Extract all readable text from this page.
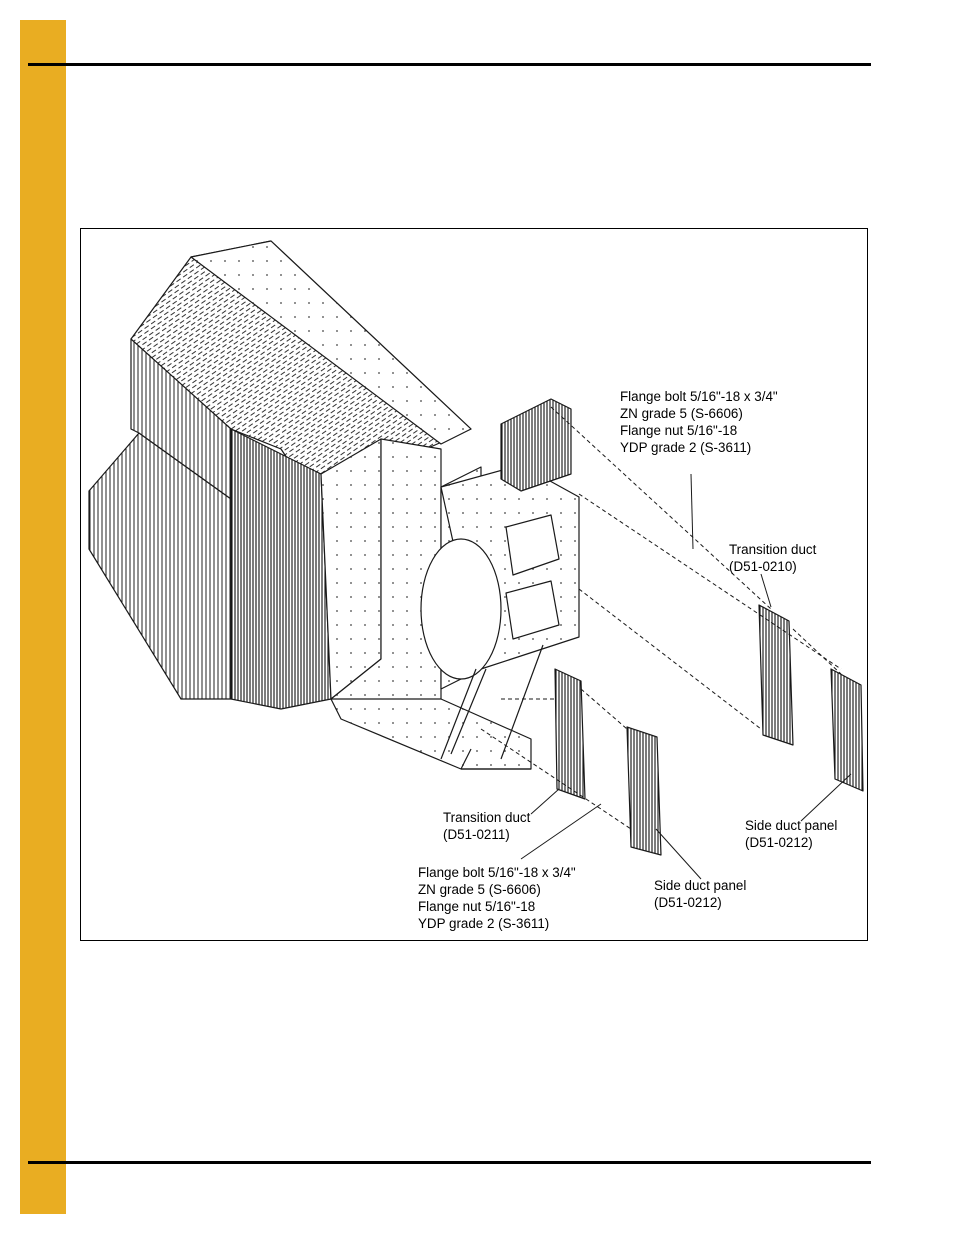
Flange bolt 5/16"-18 x 3/4"
ZN grade 5 (S-6606)
Flange nut 5/16"-18
YDP grade 2 (S-3611)

Transition duct
(D51-0210)

Transition duct
(D51-0211)

Side duct panel
(D51-0212)

Flange bolt 5/16"-18 x 3/4"
ZN grade 5 (S-6606)
Flange nut 5/16"-18
YDP grade 2 (S-3611)

Side duct panel
(D51-0212)
